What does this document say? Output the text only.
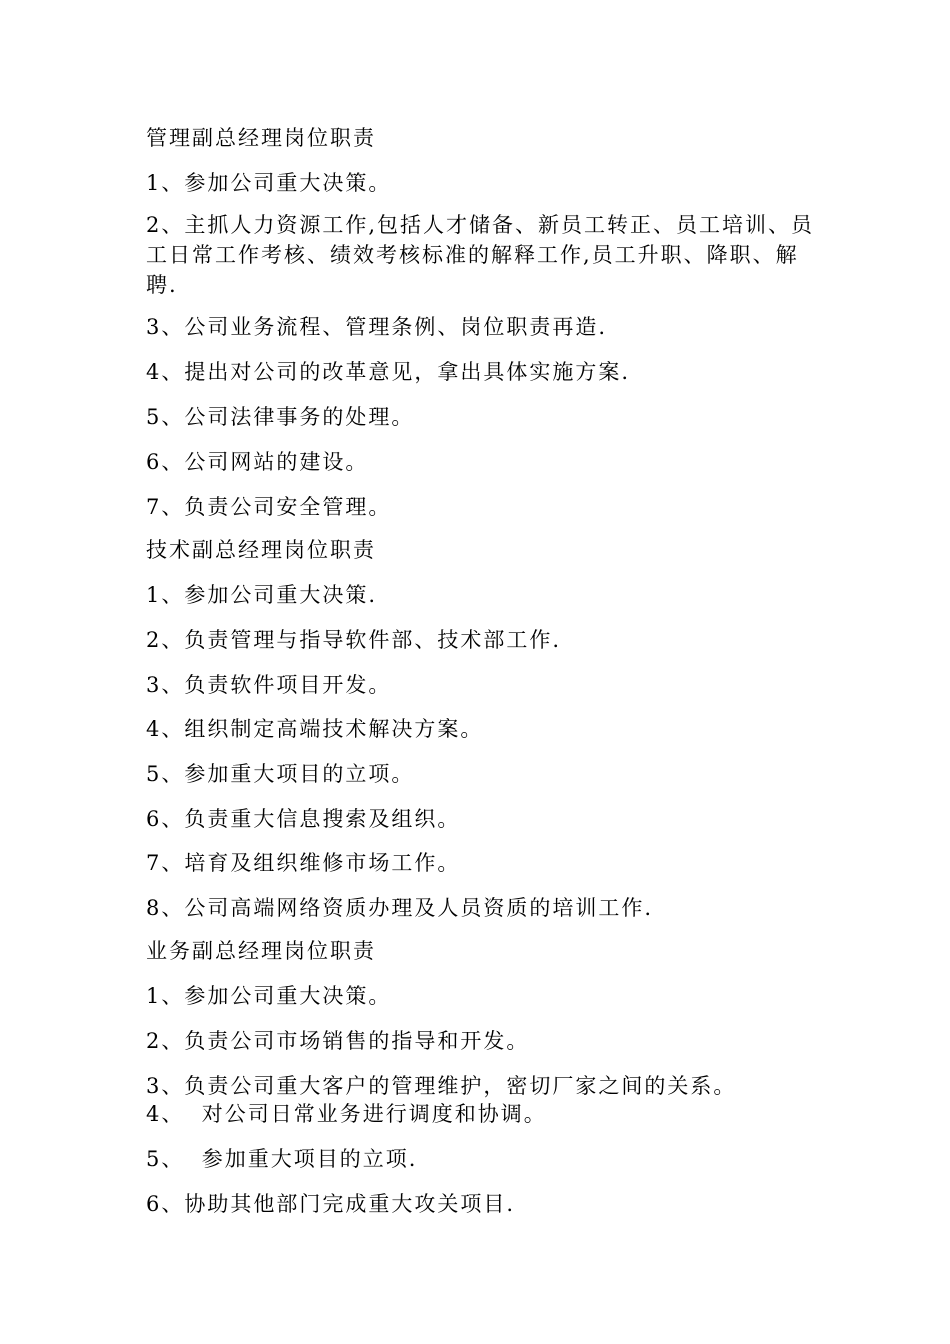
管理副总经理岗位职责
1、参加公司重大决策。
2、主抓人力资源工作,包括人才储备、新员工转正、员工培训、员工日常工作考核、绩效考核标准的解释工作,员工升职、降职、解聘.
3、公司业务流程、管理条例、岗位职责再造.
4、提出对公司的改革意见，拿出具体实施方案.
5、公司法律事务的处理。
6、公司网站的建设。
7、负责公司安全管理。
技术副总经理岗位职责
1、参加公司重大决策.
2、负责管理与指导软件部、技术部工作.
3、负责软件项目开发。
4、组织制定高端技术解决方案。
5、参加重大项目的立项。
6、负责重大信息搜索及组织。
7、培育及组织维修市场工作。
8、公司高端网络资质办理及人员资质的培训工作.
业务副总经理岗位职责
1、参加公司重大决策。
2、负责公司市场销售的指导和开发。
3、负责公司重大客户的管理维护，密切厂家之间的关系。
4、  对公司日常业务进行调度和协调。
5、  参加重大项目的立项.
6、协助其他部门完成重大攻关项目.
